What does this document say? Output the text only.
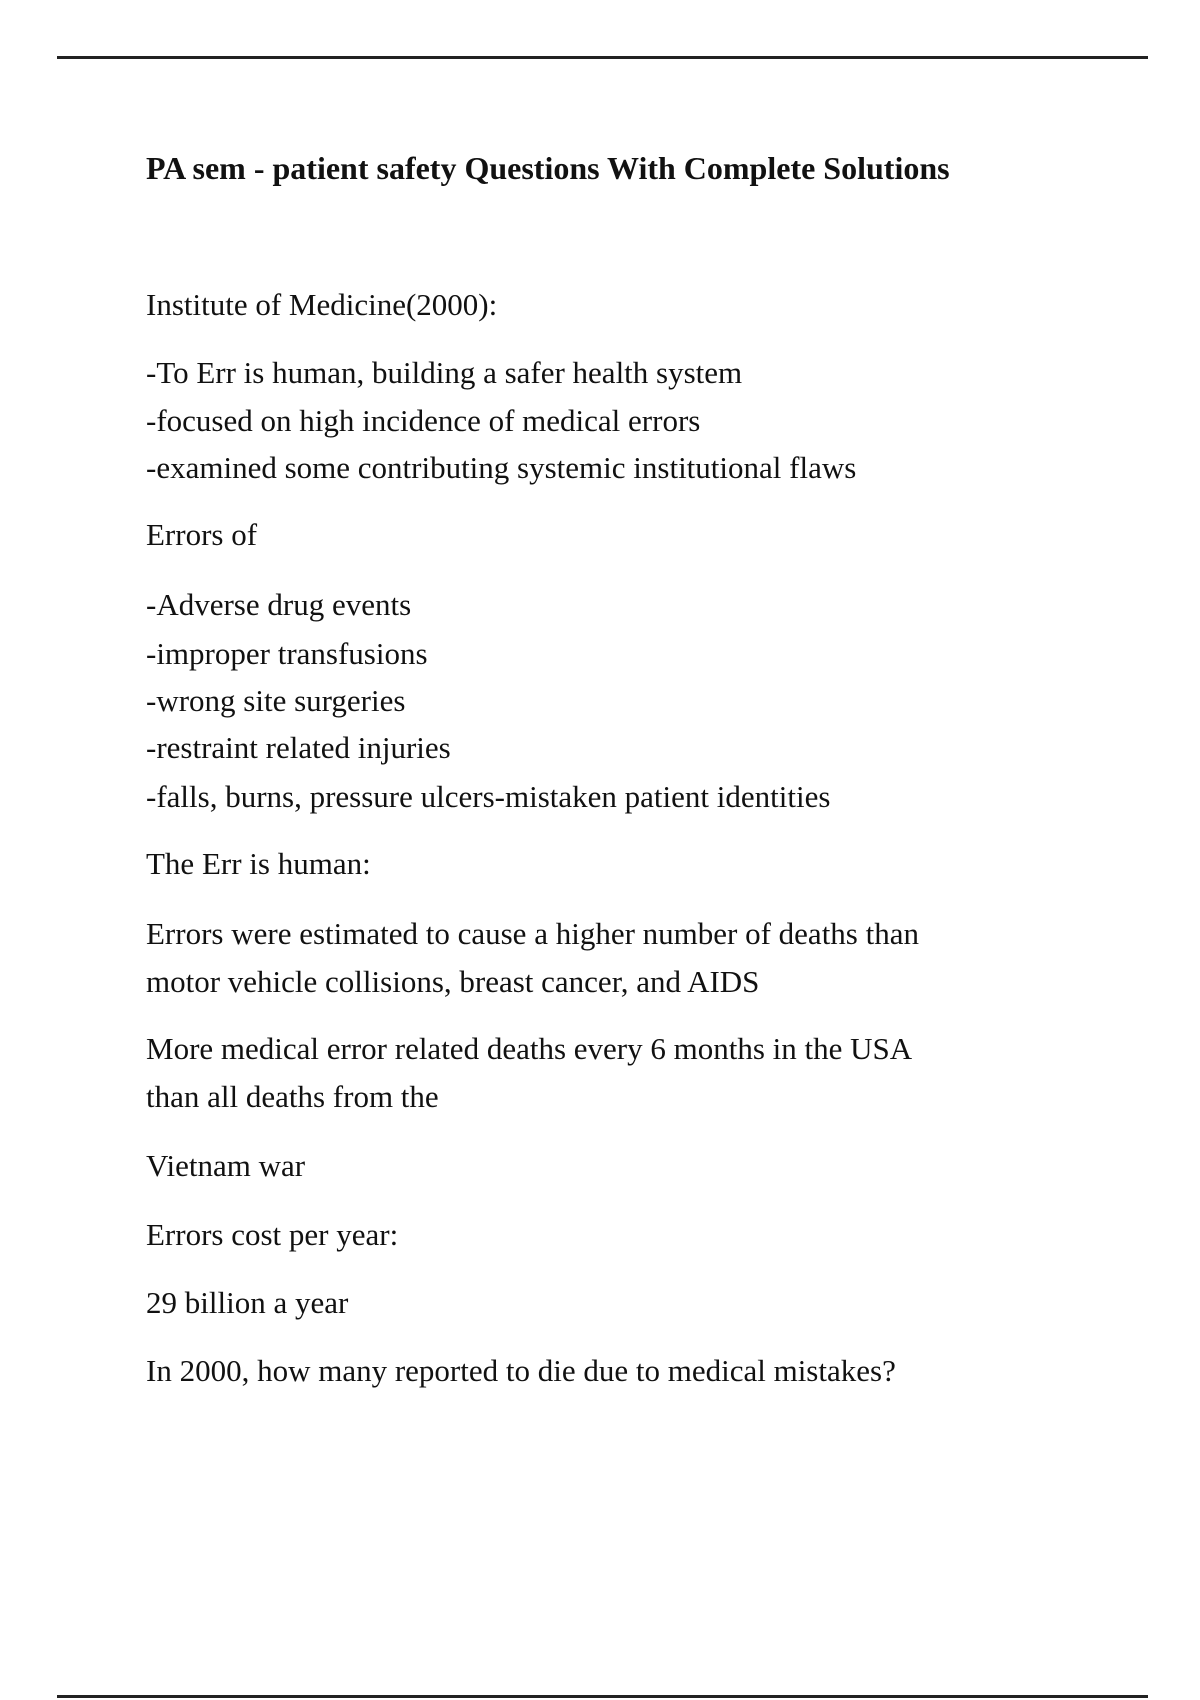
PA sem - patient safety Questions With Complete Solutions
Institute of Medicine(2000):
-To Err is human, building a safer health system
-focused on high incidence of medical errors
-examined some contributing systemic institutional flaws
Errors of
-Adverse drug events
-improper transfusions
-wrong site surgeries
-restraint related injuries
-falls, burns, pressure ulcers-mistaken patient identities
The Err is human:
Errors were estimated to cause a higher number of deaths than
motor vehicle collisions, breast cancer, and AIDS
More medical error related deaths every 6 months in the USA
than all deaths from the
Vietnam war
Errors cost per year:
29 billion a year
In 2000, how many reported to die due to medical mistakes?
